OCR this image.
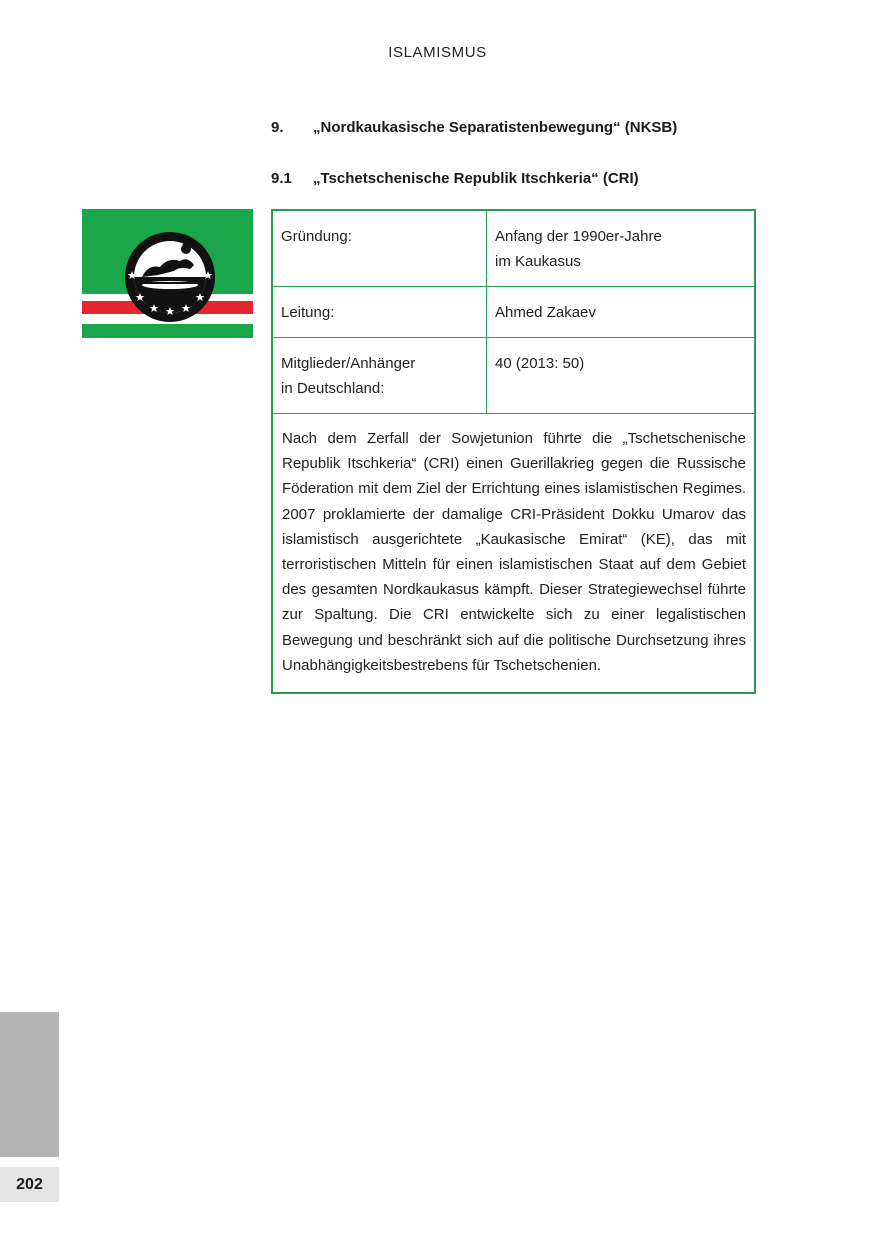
ISLAMISMUS
9. „Nordkaukasische Separatistenbewegung“ (NKSB)
9.1 „Tschetschenische Republik Itschkeria“ (CRI)
Gründung:	Anfang der 1990er-Jahre
im Kaukasus
Leitung:	Ahmed Zakaev
Mitglieder/Anhänger
in Deutschland:	40 (2013: 50)
Nach dem Zerfall der Sowjetunion führte die „Tschetschenische Republik Itschkeria“ (CRI) einen Guerillakrieg gegen die Russische Föderation mit dem Ziel der Errichtung eines islamistischen Regimes. 2007 proklamierte der damalige CRI-Präsident Dokku Umarov das islamistisch ausgerichtete „Kaukasische Emirat“ (KE), das mit terroristischen Mitteln für einen islamistischen Staat auf dem Gebiet des gesamten Nordkaukasus kämpft. Dieser Strategiewechsel führte zur Spaltung. Die CRI entwickelte sich zu einer legalistischen Bewegung und beschränkt sich auf die politische Durchsetzung ihres Unabhängigkeitsbestrebens für Tschetschenien.	
202
